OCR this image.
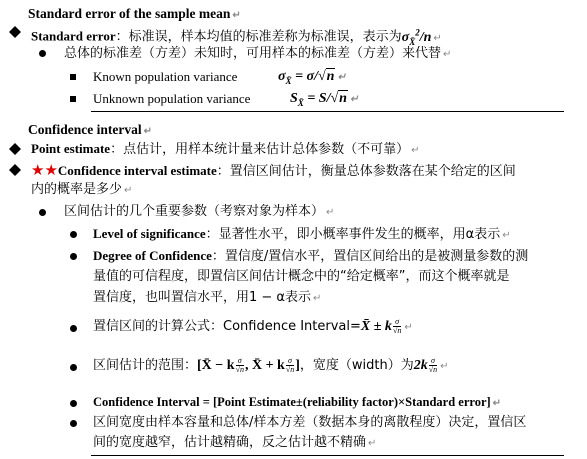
Standard error of the sample mean ↵
Standard error：标准误，样本均值的标准差称为标准误，表示为$\sigma_{X̄}^2/n$ ↵
总体的标准差（方差）未知时，可用样本的标准差（方差）来代替 ↵
Known population variance	$\sigma_{X̄} = \sigma/√n$ ↵
Unknown population variance	$S_{X̄} = S/√n$ ↵
Confidence interval ↵
Point estimate：点估计，用样本统计量来估计总体参数（不可靠） ↵
★★Confidence interval estimate：置信区间估计，衡量总体参数落在某个给定的区间
内的概率是多少 ↵
区间估计的几个重要参数（考察对象为样本） ↵
Level of significance：显著性水平，即小概率事件发生的概率，用α表示 ↵
Degree of Confidence：置信度/置信水平，置信区间给出的是被测量参数的测
量值的可信程度，即置信区间估计概念中的“给定概率”，而这个概率就是
置信度，也叫置信水平，用1 − α表示 ↵
置信区间的计算公式：Confidence Interval=X̄ ± k $\frac{\sigma}{√n}$ ↵
区间估计的范围：[X̄ − k $\frac{\sigma}{√n}$ , X̄ + k $\frac{\sigma}{√n}$ ]，宽度（width）为$2k \frac{\sigma}{√n}$ ↵
Confidence Interval = [Point Estimate±(reliability factor)×Standard error] ↵
区间宽度由样本容量和总体/样本方差（数据本身的离散程度）决定，置信区
间的宽度越窄，估计越精确，反之估计越不精确 ↵
